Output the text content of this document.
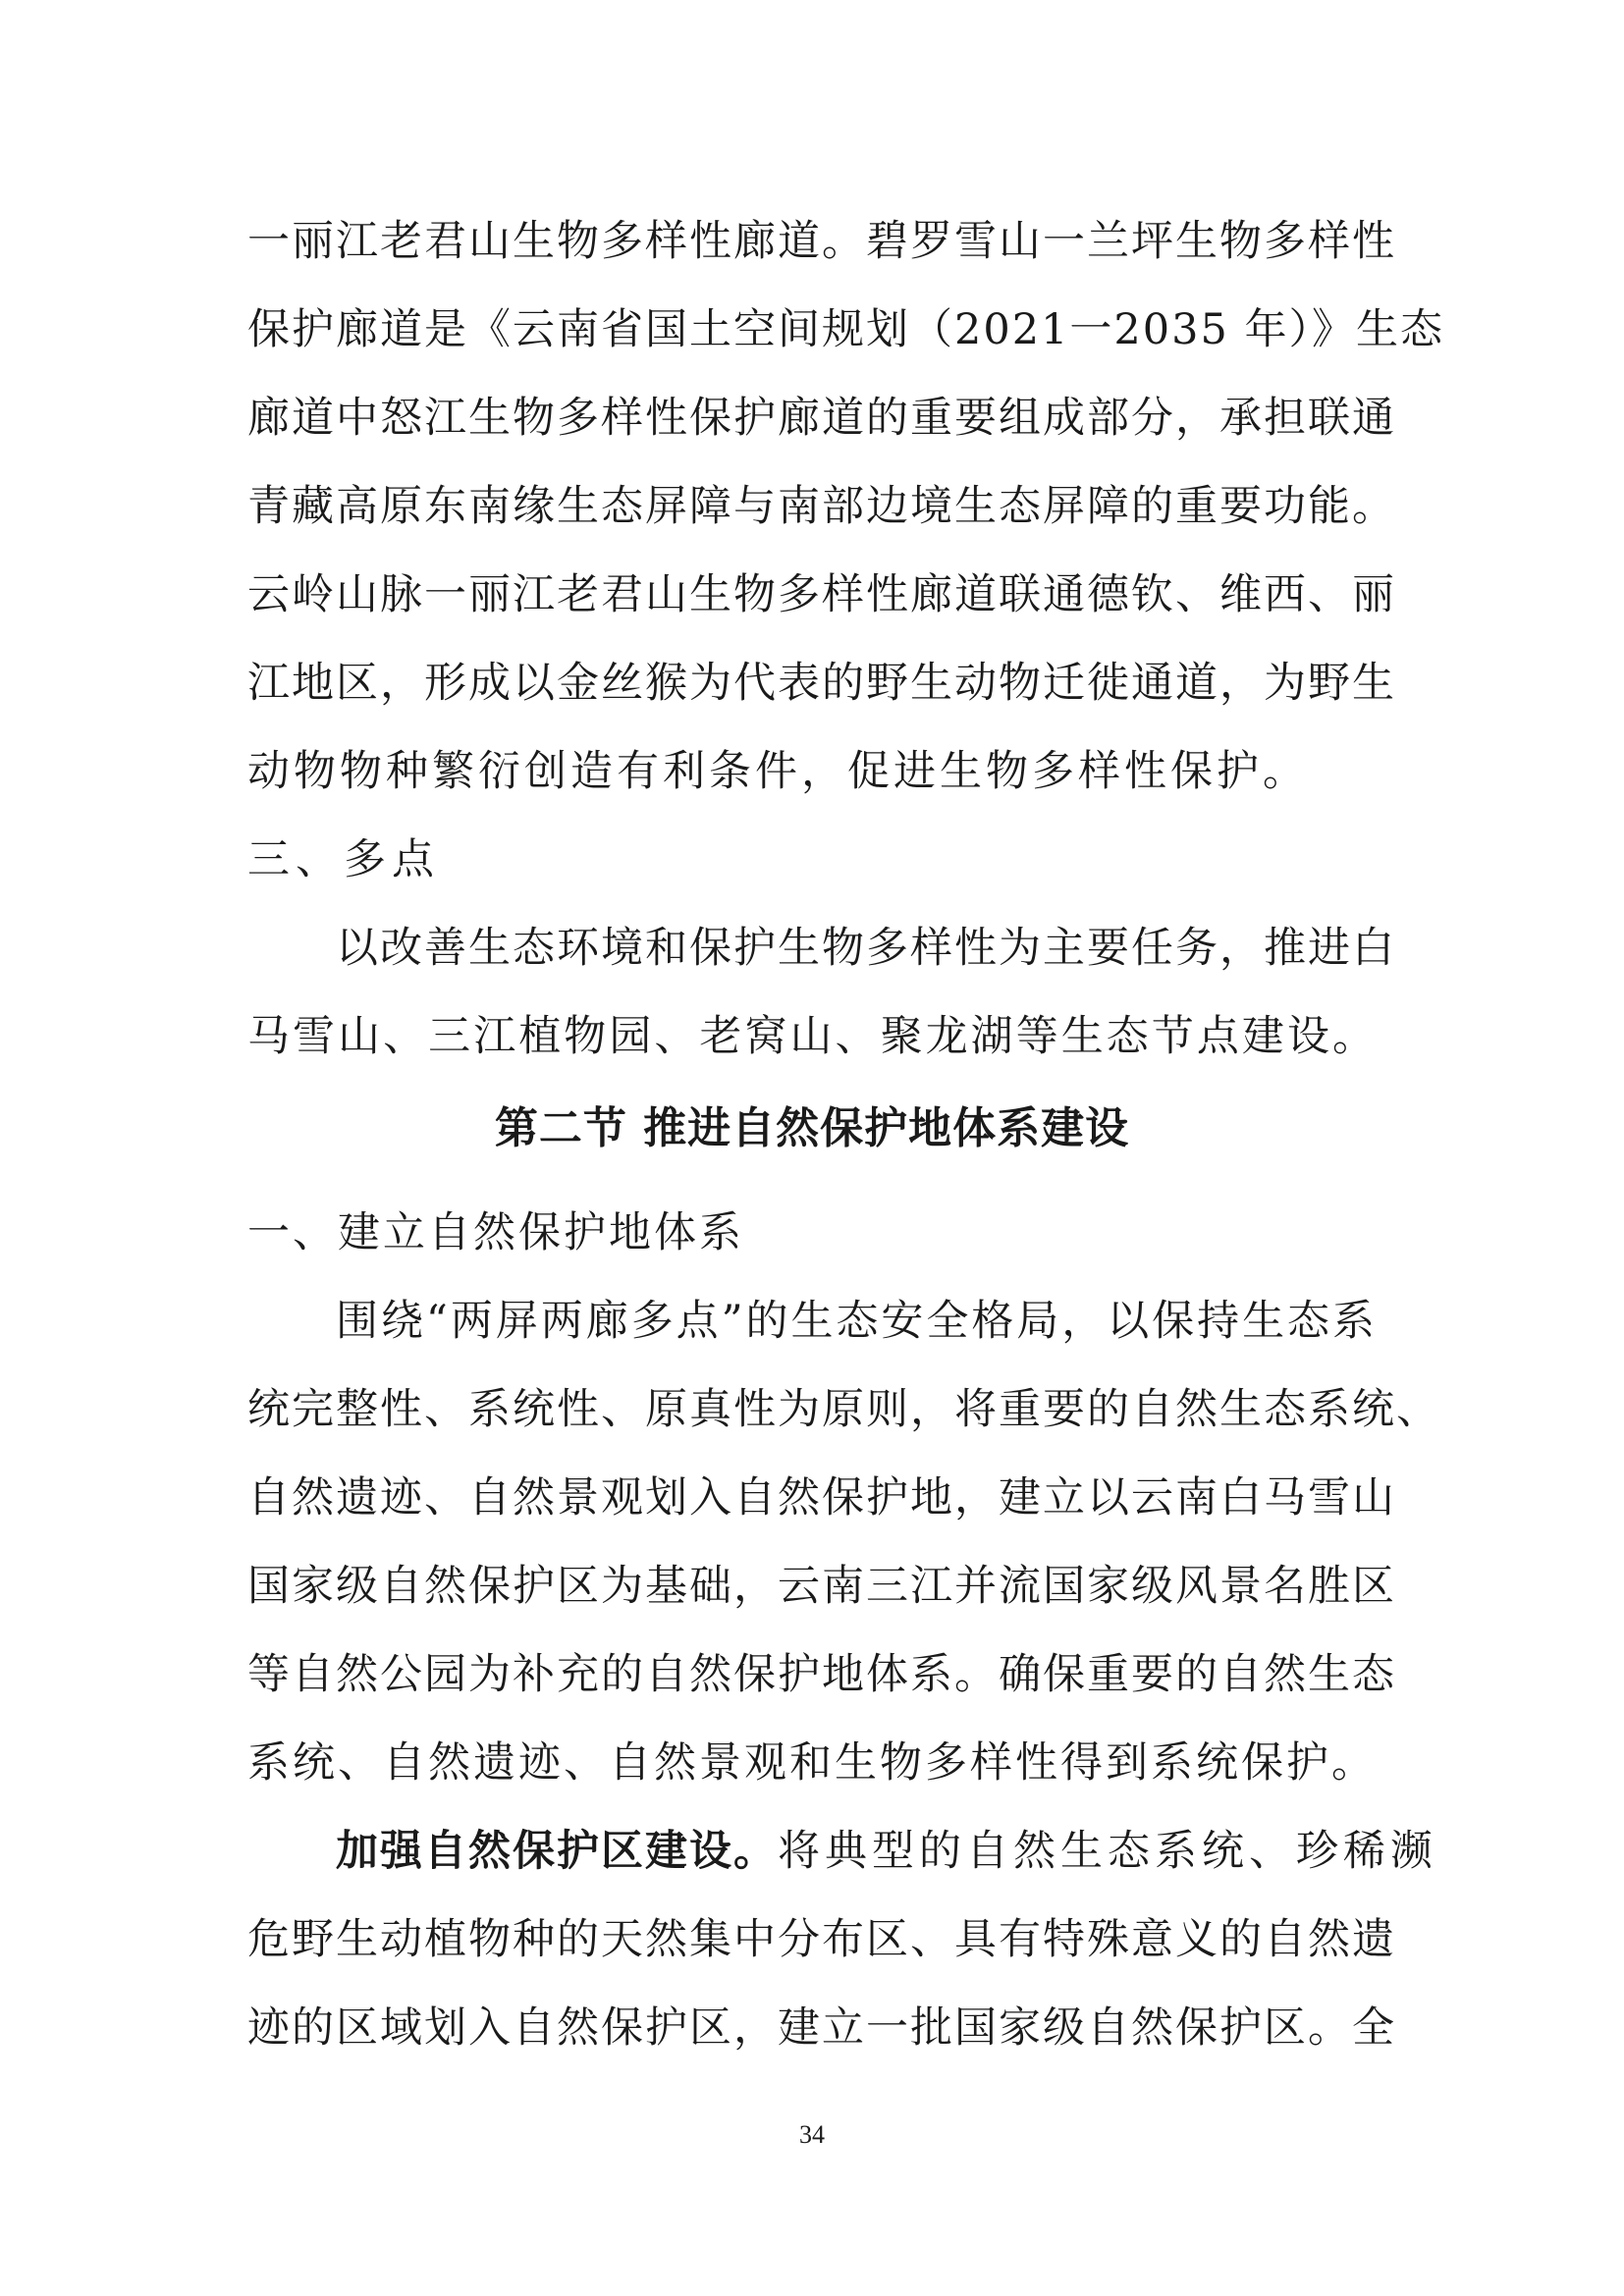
一丽江老君山生物多样性廊道。碧罗雪山一兰坪生物多样性
保护廊道是《云南省国土空间规划（2021一2035 年）》生态
廊道中怒江生物多样性保护廊道的重要组成部分，承担联通
青藏高原东南缘生态屏障与南部边境生态屏障的重要功能。
云岭山脉一丽江老君山生物多样性廊道联通德钦、维西、丽
江地区，形成以金丝猴为代表的野生动物迁徙通道，为野生
动物物种繁衍创造有利条件，促进生物多样性保护。
三、多点
以改善生态环境和保护生物多样性为主要任务，推进白
马雪山、三江植物园、老窝山、聚龙湖等生态节点建设。
第二节 推进自然保护地体系建设
一、建立自然保护地体系
围绕“两屏两廊多点”的生态安全格局，以保持生态系
统完整性、系统性、原真性为原则，将重要的自然生态系统、
自然遗迹、自然景观划入自然保护地，建立以云南白马雪山
国家级自然保护区为基础，云南三江并流国家级风景名胜区
等自然公园为补充的自然保护地体系。确保重要的自然生态
系统、自然遗迹、自然景观和生物多样性得到系统保护。
加强自然保护区建设。 将典型的自然生态系统、珍稀濒
危野生动植物种的天然集中分布区、具有特殊意义的自然遗
迹的区域划入自然保护区，建立一批国家级自然保护区。全
34
